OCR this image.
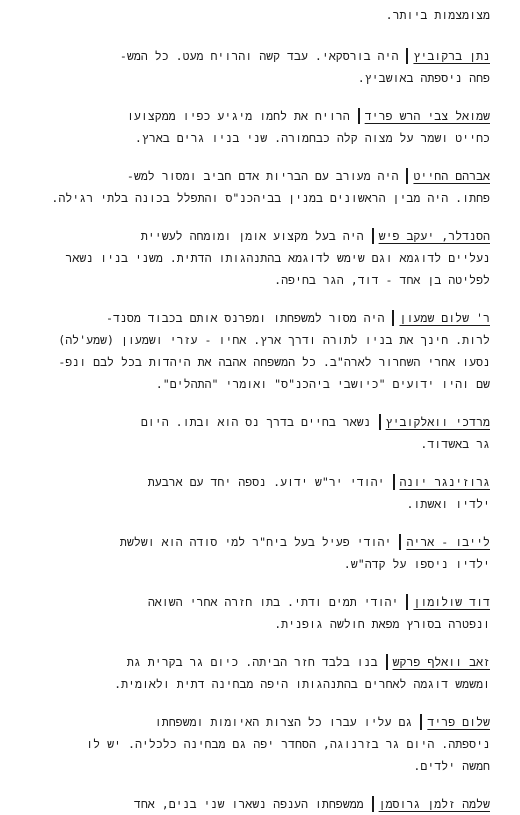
מצומצמות ביותר.
נתן ברקוביץהיה בורסקאי. עבד קשה והרויח מעט. כל המש-
פחה ניספתה באושביץ.
שמואל צבי הרש פרידהרויח את לחמו מיגיע כפיו ממקצועו
כחייט ושמר על מצוה קלה כבחמורה. שני בניו גרים בארץ.
אברהם החייטהיה מעורב עם הבריות אדם חביב ומסור למש-
פחתו. היה מבין הראשונים במנין בביהכנ"ס והתפלל בכונה בלתי רגילה.
הסנדלר, יעקב פישהיה בעל מקצוע אומן ומומחה לעשיית
נעליים לדוגמא וגם שימש לדוגמא בהתנהגותו הדתית. משני בניו נשאר
לפליטה בן אחד - דוד, הגר בחיפה.
ר' שלום שמעוןהיה מסור למשפחתו ומפרנס אותם בכבוד מסנד-
לרות. חינך את בניו לתורה ודרך ארץ. אחיו - עזרי ושמעון (שמע'לה)
נסעו אחרי השחרור לארה"ב. כל המשפחה אהבה את היהדות בכל לבם ונפ-
שם והיו ידועים "כיושבי ביהכנ"ס" ואומרי "התהלים".
מרדכי וואלקוביץנשאר בחיים בדרך נס הוא ובתו. היום
גר באשדוד.
גרוזינגר יונהיהודי יר"ש ידוע. נספה יחד עם ארבעת
ילדיו ואשתו.
לייבו - אריהיהודי פעיל בעל ביח"ר למי סודה הוא ושלשת
ילדיו ניספו על קדה"ש.
דוד שולומוןיהודי תמים ודתי. בתו חזרה אחרי השואה
ונפטרה בסורץ מפאת חולשה גופנית.
זאב וואלף פרקשבנו בלבד חזר הביתה. כיום גר בקרית גת
ומשמש דוגמה לאחרים בהתנהגותו היפה מבחינה דתית ולאומית.
שלום פרידגם עליו עברו כל הצרות האיומות ומשפחתו
ניספתה. היום גר בזרנוגה, הסחדר יפה גם מבחינה כלכליה. יש לו
חמשה ילדים.
שלמה זלמן גרוסמןממשפחתו הענפה נשארו שני בנים, אחד
